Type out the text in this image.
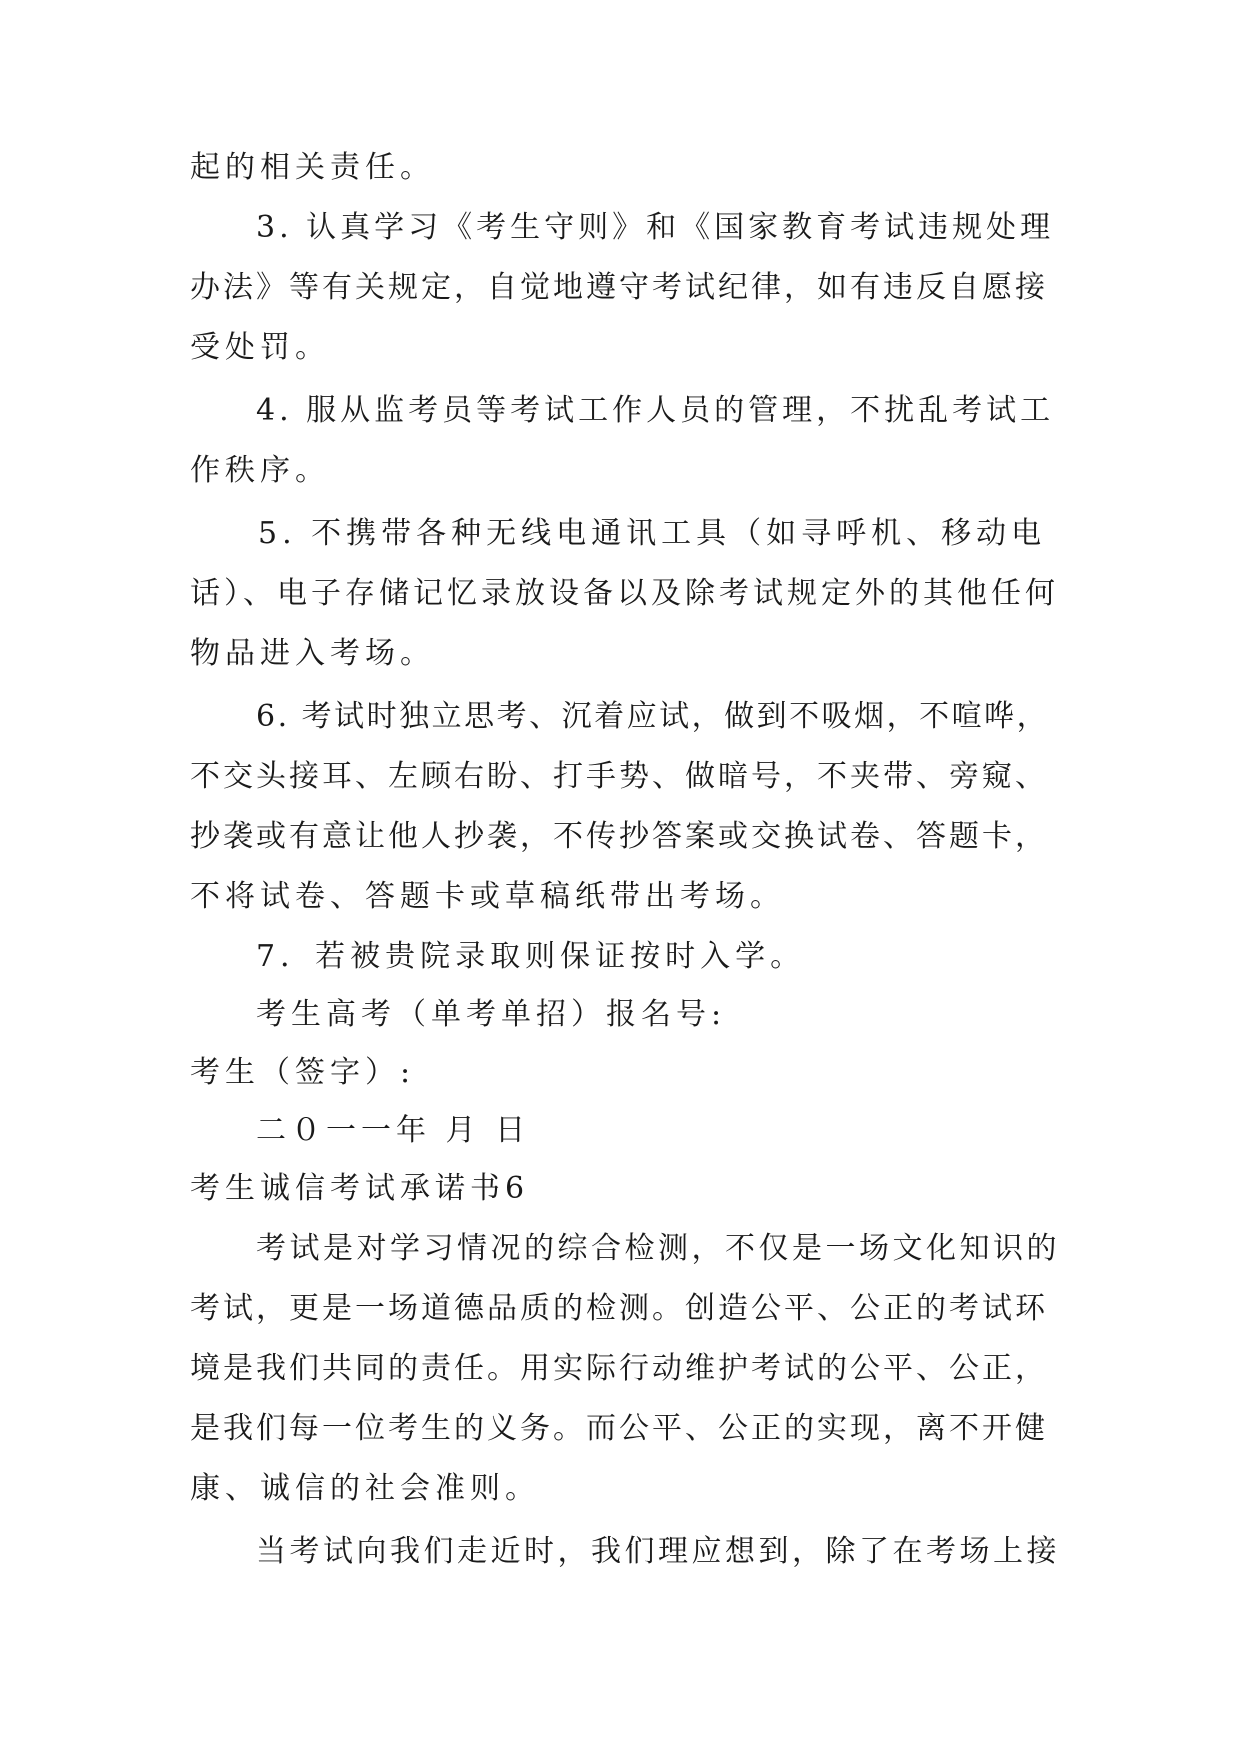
起的相关责任。
3. 认真学习《考生守则》和《国家教育考试违规处理
办法》等有关规定，自觉地遵守考试纪律，如有违反自愿接
受处罚。
4. 服从监考员等考试工作人员的管理，不扰乱考试工
作秩序。
5. 不携带各种无线电通讯工具（如寻呼机、移动电
话）、电子存储记忆录放设备以及除考试规定外的其他任何
物品进入考场。
6. 考试时独立思考、沉着应试，做到不吸烟，不喧哗，
不交头接耳、左顾右盼、打手势、做暗号，不夹带、旁窥、
抄袭或有意让他人抄袭，不传抄答案或交换试卷、答题卡，
不将试卷、答题卡或草稿纸带出考场。
7．若被贵院录取则保证按时入学。
考生高考（单考单招）报名号:
考生（签字）:
二０一一年 月 日
考生诚信考试承诺书6
考试是对学习情况的综合检测，不仅是一场文化知识的
考试，更是一场道德品质的检测。创造公平、公正的考试环
境是我们共同的责任。用实际行动维护考试的公平、公正，
是我们每一位考生的义务。而公平、公正的实现，离不开健
康、诚信的社会准则。
当考试向我们走近时，我们理应想到，除了在考场上接
